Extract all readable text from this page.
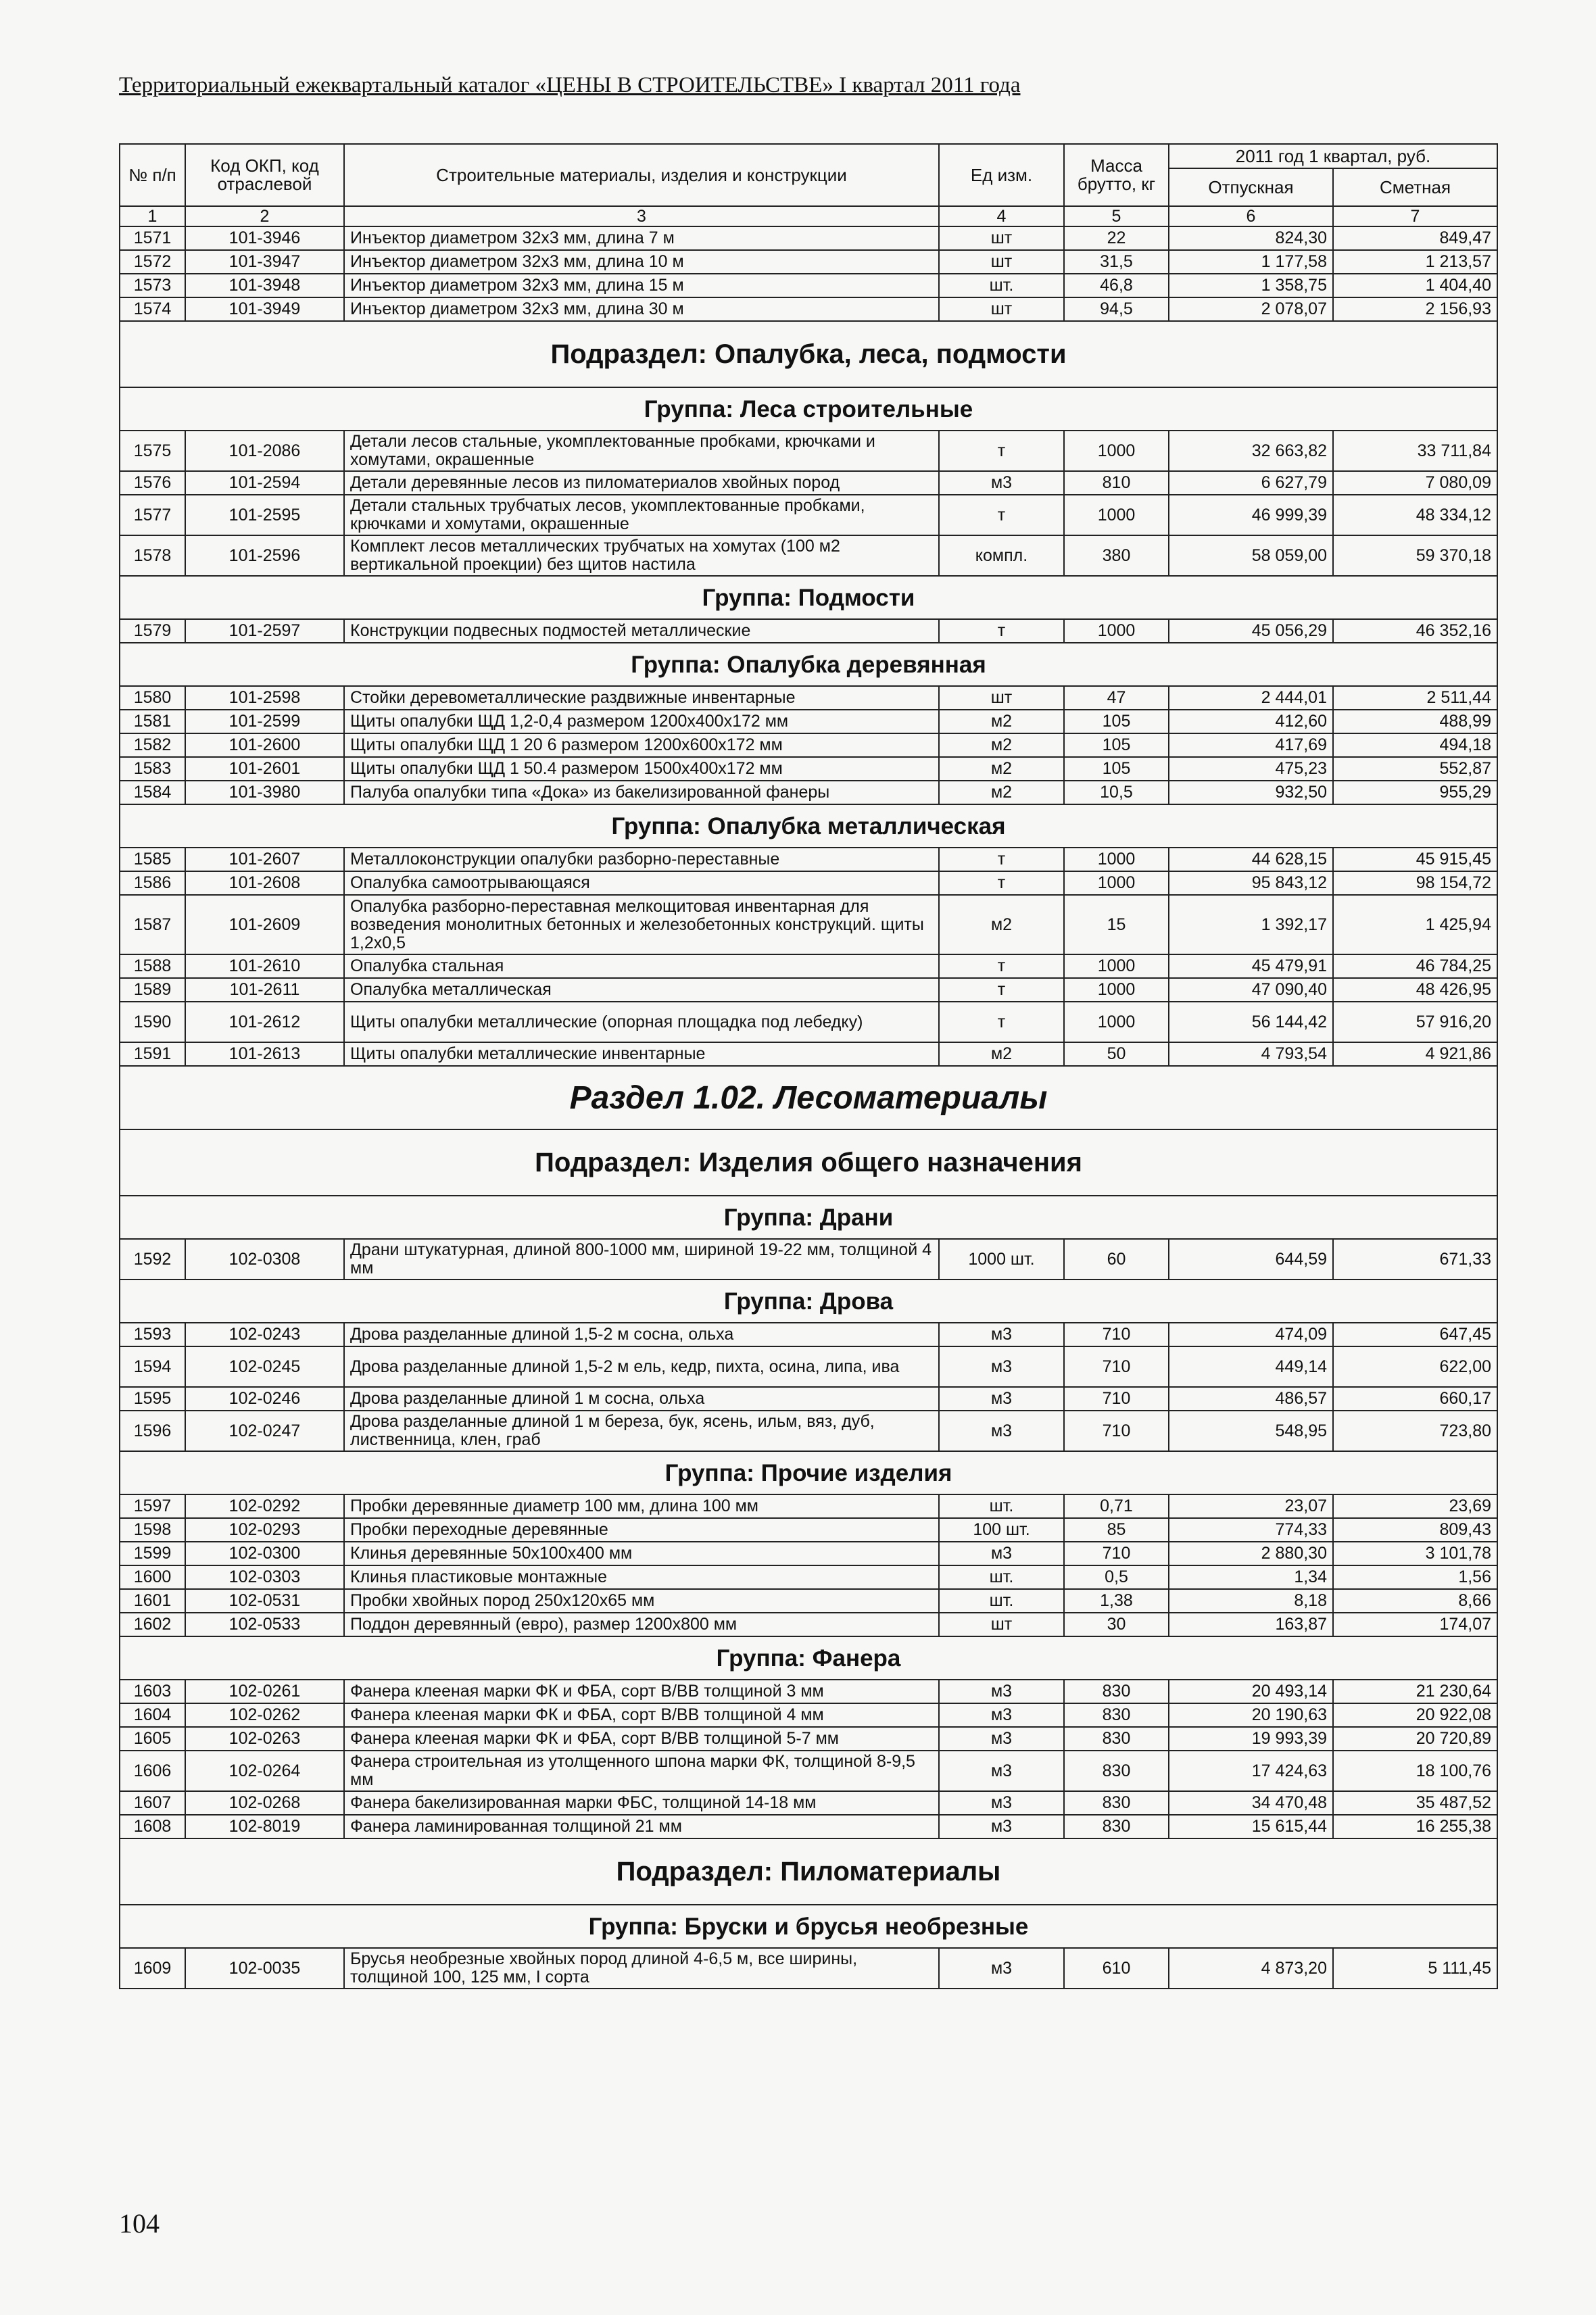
Территориальный ежеквартальный каталог «ЦЕНЫ В СТРОИТЕЛЬСТВЕ» I квартал 2011 года
№ п/п	Код ОКП, код отраслевой	Строительные материалы, изделия и конструкции	Ед изм.	Масса брутто, кг	2011 год 1 квартал, руб.	
					Отпускная	Сметная
1	2	3	4	5	6	7
1571	101-3946	Инъектор диаметром 32х3 мм, длина 7 м	шт	22	824,30	849,47
1572	101-3947	Инъектор диаметром 32х3 мм, длина 10 м	шт	31,5	1 177,58	1 213,57
1573	101-3948	Инъектор диаметром 32х3 мм, длина 15 м	шт.	46,8	1 358,75	1 404,40
1574	101-3949	Инъектор диаметром 32х3 мм, длина 30 м	шт	94,5	2 078,07	2 156,93
Подраздел: Опалубка, леса, подмости						
Группа: Леса строительные						
1575	101-2086	Детали лесов стальные, укомплектованные пробками, крючками и хомутами, окрашенные	т	1000	32 663,82	33 711,84
1576	101-2594	Детали деревянные лесов из пиломатериалов хвойных пород	м3	810	6 627,79	7 080,09
1577	101-2595	Детали стальных трубчатых лесов, укомплектованные пробками, крючками и хомутами, окрашенные	т	1000	46 999,39	48 334,12
1578	101-2596	Комплект лесов металлических трубчатых на хомутах (100 м2 вертикальной проекции) без щитов настила	компл.	380	58 059,00	59 370,18
Группа: Подмости						
1579	101-2597	Конструкции подвесных подмостей металлические	т	1000	45 056,29	46 352,16
Группа: Опалубка деревянная						
1580	101-2598	Стойки деревометаллические раздвижные инвентарные	шт	47	2 444,01	2 511,44
1581	101-2599	Щиты опалубки ЩД 1,2-0,4 размером 1200х400х172 мм	м2	105	412,60	488,99
1582	101-2600	Щиты опалубки ЩД 1 20 6 размером 1200х600х172 мм	м2	105	417,69	494,18
1583	101-2601	Щиты опалубки ЩД 1 50.4 размером 1500х400х172 мм	м2	105	475,23	552,87
1584	101-3980	Палуба опалубки типа «Дока» из бакелизированной фанеры	м2	10,5	932,50	955,29
Группа: Опалубка металлическая						
1585	101-2607	Металлоконструкции опалубки разборно-переставные	т	1000	44 628,15	45 915,45
1586	101-2608	Опалубка самоотрывающаяся	т	1000	95 843,12	98 154,72
1587	101-2609	Опалубка разборно-переставная мелкощитовая инвентарная для возведения монолитных бетонных и железобетонных конструкций. щиты 1,2х0,5	м2	15	1 392,17	1 425,94
1588	101-2610	Опалубка стальная	т	1000	45 479,91	46 784,25
1589	101-2611	Опалубка металлическая	т	1000	47 090,40	48 426,95
1590	101-2612	Щиты опалубки металлические (опорная площадка под лебедку)	т	1000	56 144,42	57 916,20
1591	101-2613	Щиты опалубки металлические инвентарные	м2	50	4 793,54	4 921,86
Раздел 1.02. Лесоматериалы						
Подраздел: Изделия общего назначения						
Группа: Драни						
1592	102-0308	Драни штукатурная, длиной 800-1000 мм, шириной 19-22 мм, толщиной 4 мм	1000 шт.	60	644,59	671,33
Группа: Дрова						
1593	102-0243	Дрова разделанные длиной 1,5-2 м сосна, ольха	м3	710	474,09	647,45
1594	102-0245	Дрова разделанные длиной 1,5-2 м ель, кедр, пихта, осина, липа, ива	м3	710	449,14	622,00
1595	102-0246	Дрова разделанные длиной 1 м сосна, ольха	м3	710	486,57	660,17
1596	102-0247	Дрова разделанные длиной 1 м береза, бук, ясень, ильм, вяз, дуб, лиственница, клен, граб	м3	710	548,95	723,80
Группа: Прочие изделия						
1597	102-0292	Пробки деревянные диаметр 100 мм, длина 100 мм	шт.	0,71	23,07	23,69
1598	102-0293	Пробки переходные деревянные	100 шт.	85	774,33	809,43
1599	102-0300	Клинья деревянные 50х100х400 мм	м3	710	2 880,30	3 101,78
1600	102-0303	Клинья пластиковые монтажные	шт.	0,5	1,34	1,56
1601	102-0531	Пробки хвойных пород 250х120х65 мм	шт.	1,38	8,18	8,66
1602	102-0533	Поддон деревянный (евро), размер 1200х800 мм	шт	30	163,87	174,07
Группа: Фанера						
1603	102-0261	Фанера клееная марки ФК и ФБА, сорт В/ВВ толщиной 3 мм	м3	830	20 493,14	21 230,64
1604	102-0262	Фанера клееная марки ФК и ФБА, сорт В/ВВ толщиной 4 мм	м3	830	20 190,63	20 922,08
1605	102-0263	Фанера клееная марки ФК и ФБА, сорт В/ВВ толщиной 5-7 мм	м3	830	19 993,39	20 720,89
1606	102-0264	Фанера строительная из утолщенного шпона марки ФК, толщиной 8-9,5 мм	м3	830	17 424,63	18 100,76
1607	102-0268	Фанера бакелизированная марки ФБС, толщиной 14-18 мм	м3	830	34 470,48	35 487,52
1608	102-8019	Фанера ламинированная толщиной 21 мм	м3	830	15 615,44	16 255,38
Подраздел: Пиломатериалы						
Группа: Бруски и брусья необрезные						
1609	102-0035	Брусья необрезные хвойных пород длиной 4-6,5 м, все ширины, толщиной 100, 125 мм, I сорта	м3	610	4 873,20	5 111,45
104
